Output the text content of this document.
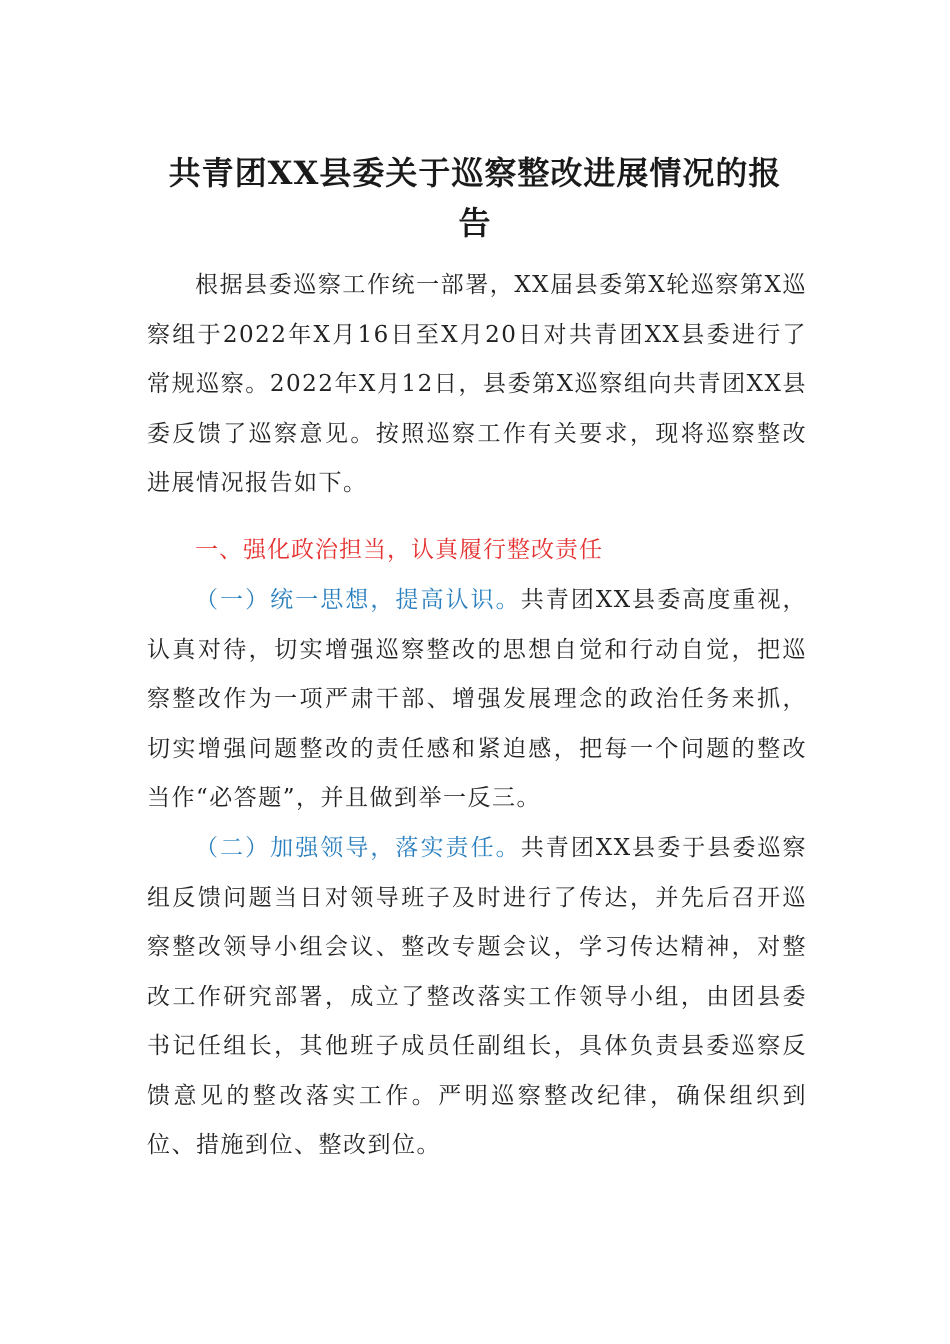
共青团XX县委关于巡察整改进展情况的报
告

根据县委巡察工作统一部署，XX届县委第X轮巡察第X巡察组于2022年X月16日至X月20日对共青团XX县委进行了常规巡察。2022年X月12日，县委第X巡察组向共青团XX县委反馈了巡察意见。按照巡察工作有关要求，现将巡察整改进展情况报告如下。

一、强化政治担当，认真履行整改责任

（一）统一思想，提高认识。共青团XX县委高度重视，认真对待，切实增强巡察整改的思想自觉和行动自觉，把巡察整改作为一项严肃干部、增强发展理念的政治任务来抓，切实增强问题整改的责任感和紧迫感，把每一个问题的整改当作“必答题”，并且做到举一反三。

（二）加强领导，落实责任。共青团XX县委于县委巡察组反馈问题当日对领导班子及时进行了传达，并先后召开巡察整改领导小组会议、整改专题会议，学习传达精神，对整改工作研究部署，成立了整改落实工作领导小组，由团县委书记任组长，其他班子成员任副组长，具体负责县委巡察反馈意见的整改落实工作。严明巡察整改纪律，确保组织到位、措施到位、整改到位。
